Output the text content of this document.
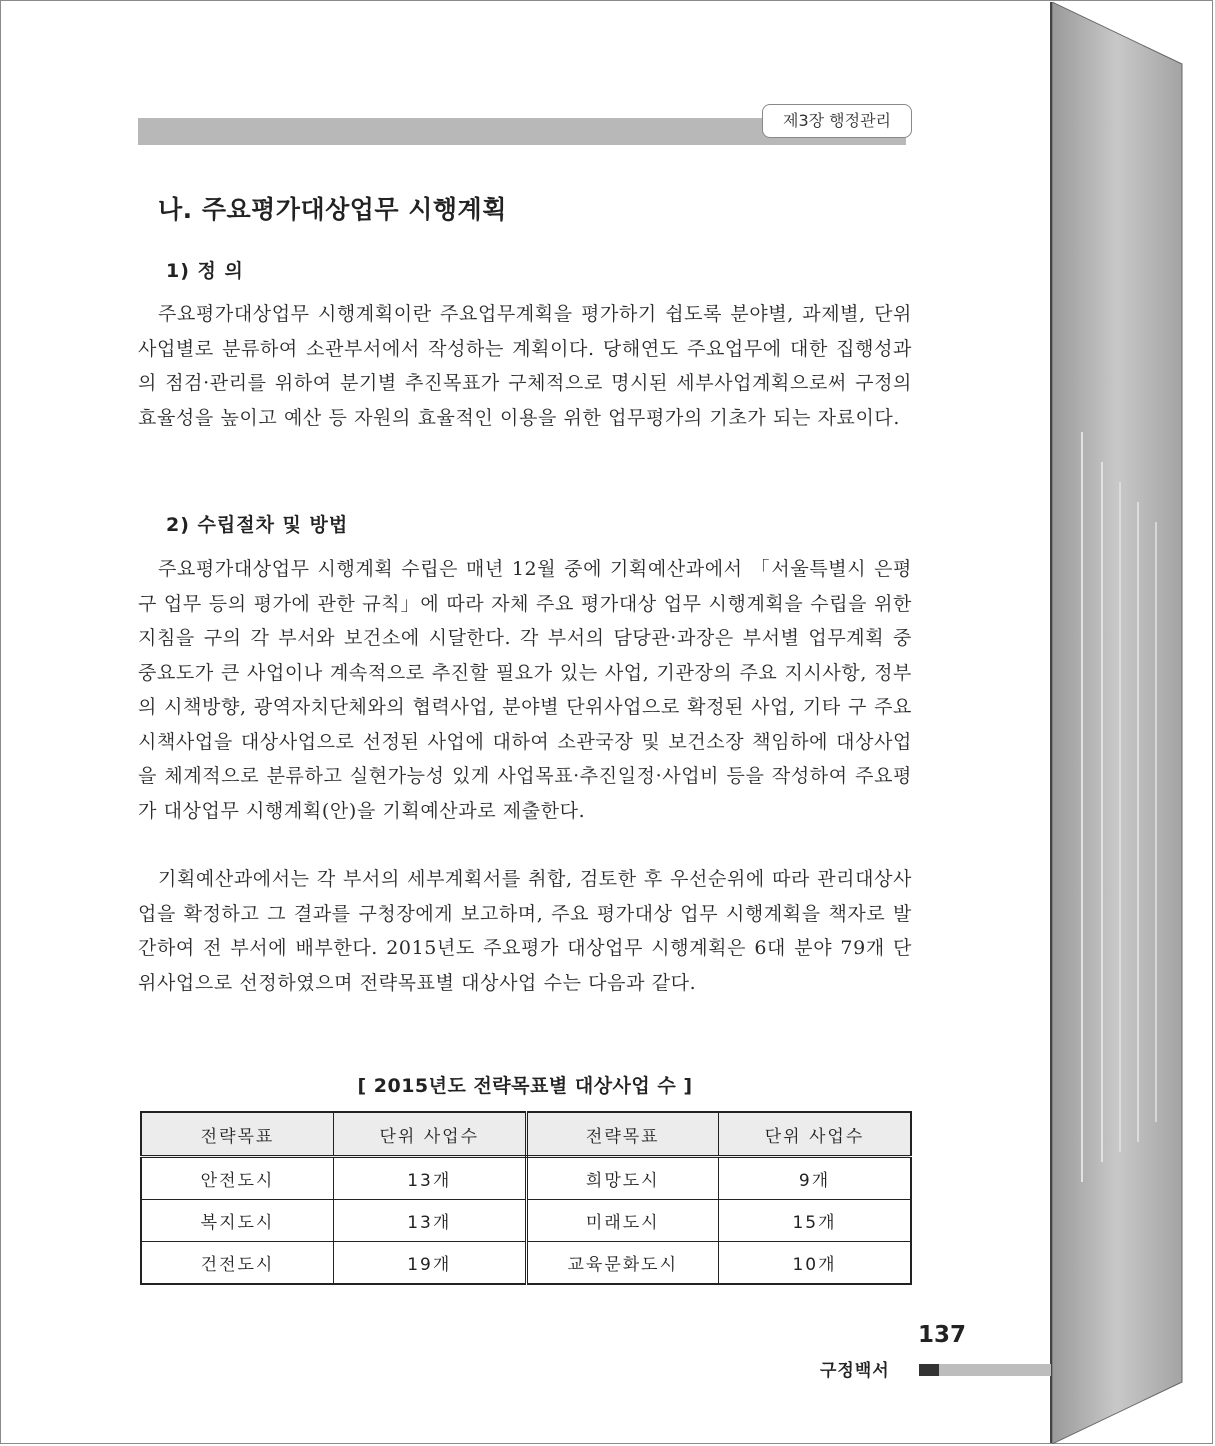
제3장 행정관리
나. 주요평가대상업무 시행계획
1) 정 의

주요평가대상업무 시행계획이란 주요업무계획을 평가하기 쉽도록 분야별, 과제별, 단위사업별로 분류하여 소관부서에서 작성하는 계획이다. 당해연도 주요업무에 대한 집행성과의 점검·관리를 위하여 분기별 추진목표가 구체적으로 명시된 세부사업계획으로써 구정의 효율성을 높이고 예산 등 자원의 효율적인 이용을 위한 업무평가의 기초가 되는 자료이다.

2) 수립절차 및 방법

주요평가대상업무 시행계획 수립은 매년 12월 중에 기획예산과에서 「서울특별시 은평구 업무 등의 평가에 관한 규칙」에 따라 자체 주요 평가대상 업무 시행계획을 수립을 위한 지침을 구의 각 부서와 보건소에 시달한다. 각 부서의 담당관·과장은 부서별 업무계획 중 중요도가 큰 사업이나 계속적으로 추진할 필요가 있는 사업, 기관장의 주요 지시사항, 정부의 시책방향, 광역자치단체와의 협력사업, 분야별 단위사업으로 확정된 사업, 기타 구 주요시책사업을 대상사업으로 선정된 사업에 대하여 소관국장 및 보건소장 책임하에 대상사업을 체계적으로 분류하고 실현가능성 있게 사업목표·추진일정·사업비 등을 작성하여 주요평가 대상업무 시행계획(안)을 기획예산과로 제출한다.

기획예산과에서는 각 부서의 세부계획서를 취합, 검토한 후 우선순위에 따라 관리대상사업을 확정하고 그 결과를 구청장에게 보고하며, 주요 평가대상 업무 시행계획을 책자로 발간하여 전 부서에 배부한다. 2015년도 주요평가 대상업무 시행계획은 6대 분야 79개 단위사업으로 선정하였으며 전략목표별 대상사업 수는 다음과 같다.

[ 2015년도 전략목표별 대상사업 수 ]
전략목표	단위 사업수	전략목표	단위 사업수
안전도시	13개	희망도시	9개
복지도시	13개	미래도시	15개
건전도시	19개	교육문화도시	10개
137
구정백서
